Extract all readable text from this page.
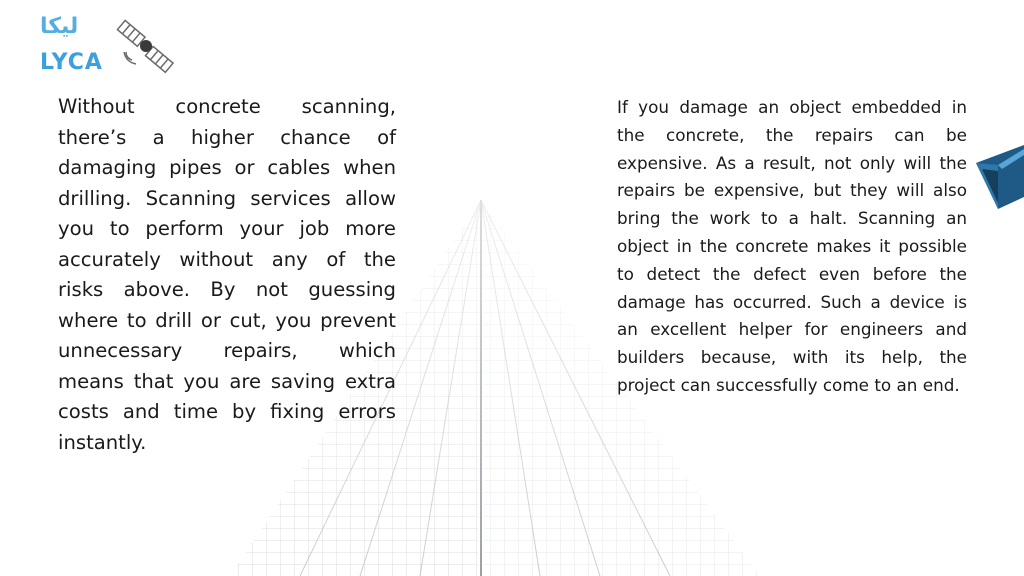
ليكا
LYCA

Without concrete scanning, there’s a higher chance of damaging pipes or cables when drilling. Scanning services allow you to perform your job more accurately without any of the risks above. By not guessing where to drill or cut, you prevent unnecessary repairs, which means that you are saving extra costs and time by fixing errors instantly.

If you damage an object embedded in the concrete, the repairs can be expensive. As a result, not only will the repairs be expensive, but they will also bring the work to a halt. Scanning an object in the concrete makes it possible to detect the defect even before the damage has occurred. Such a device is an excellent helper for engineers and builders because, with its help, the project can successfully come to an end.
